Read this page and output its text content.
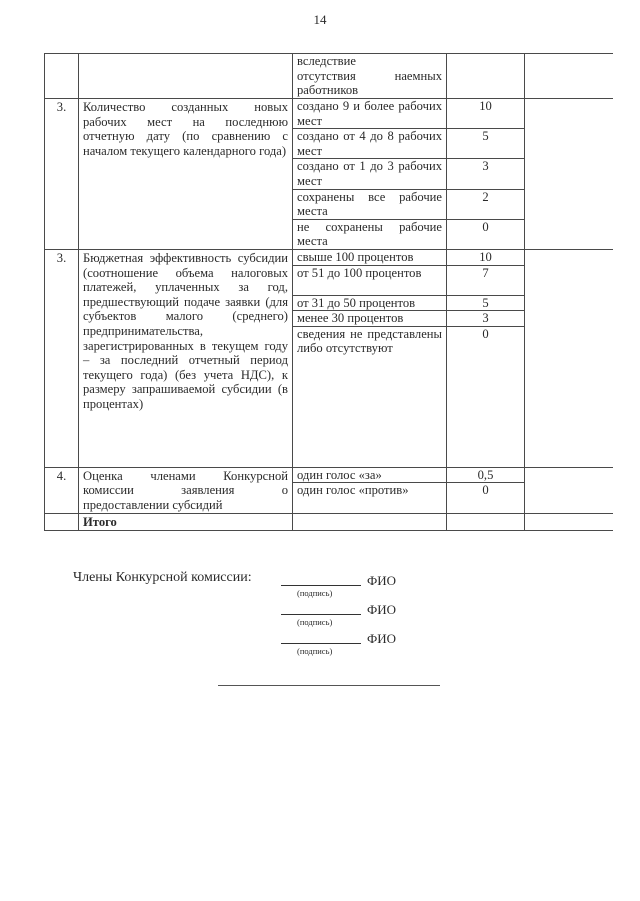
14

		вследствие
отсутствия наемных
работников		

3.	Количество созданных новых рабочих мест на последнюю отчетную дату (по сравнению с началом текущего календарного года)	создано 9 и более рабочих мест	10	
		создано от 4 до 8 рабочих мест	5	
		создано от 1 до 3 рабочих мест	3	
		сохранены все рабочие места	2	
		не сохранены рабочие места	0	
3.	Бюджетная эффективность субсидии (соотношение объема налоговых платежей, уплаченных за год, предшествующий подаче заявки (для субъектов малого (среднего) предпринимательства, зарегистрированных в текущем году – за последний отчетный период текущего года) (без учета НДС), к размеру запрашиваемой субсидии (в процентах)	свыше 100 процентов	10	
		от 51 до 100 процентов	7	
		от 31 до 50 процентов	5	
		менее 30 процентов	3	
		сведения не представлены либо отсутствуют	0	
4.	Оценка членами Конкурсной комиссии заявления о предоставлении субсидий	один голос «за»	0,5	
		один голос «против»	0	
	Итого			
Члены Конкурсной комиссии:	ФИО
(подпись)
ФИО
(подпись)
ФИО
(подпись)
